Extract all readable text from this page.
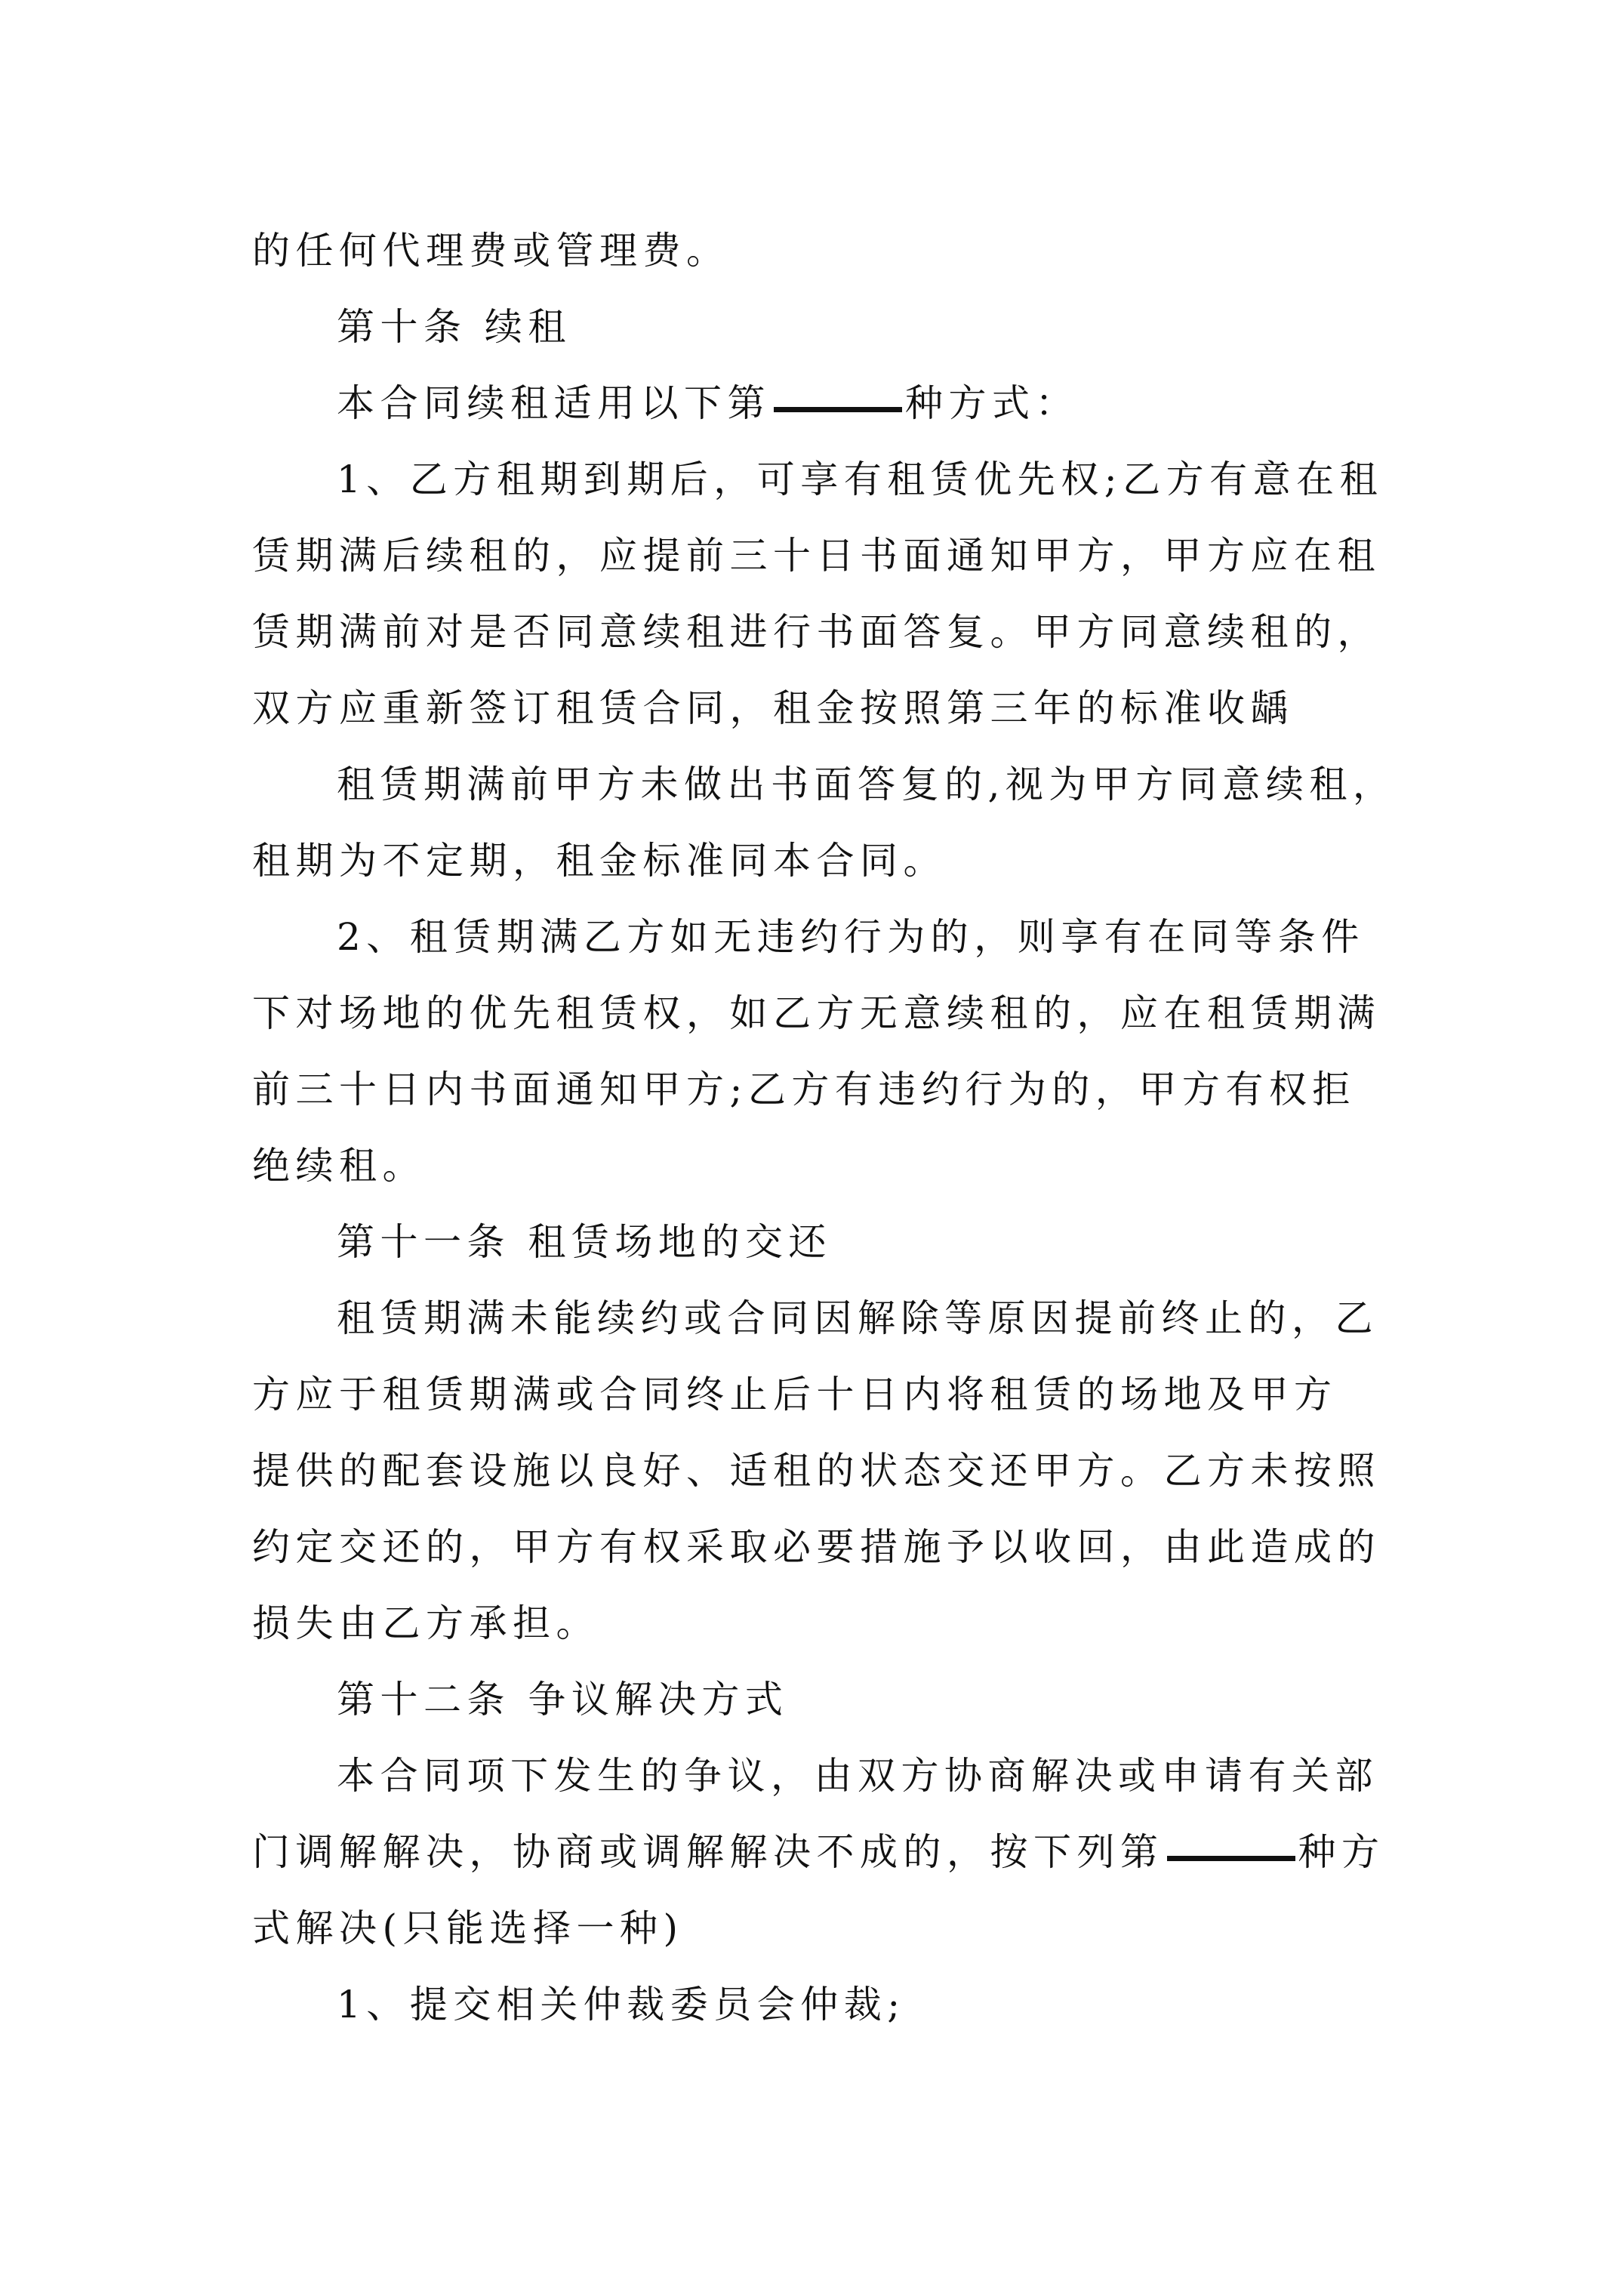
的任何代理费或管理费。

第十条 续租

本合同续租适用以下第	种方式：

1、乙方租期到期后，可享有租赁优先权;乙方有意在租

赁期满后续租的，应提前三十日书面通知甲方，甲方应在租

赁期满前对是否同意续租进行书面答复。甲方同意续租的，

双方应重新签订租赁合同，租金按照第三年的标准收龋

租赁期满前甲方未做出书面答复的,视为甲方同意续租，

租期为不定期，租金标准同本合同。

2、租赁期满乙方如无违约行为的，则享有在同等条件

下对场地的优先租赁权，如乙方无意续租的，应在租赁期满

前三十日内书面通知甲方;乙方有违约行为的，甲方有权拒

绝续租。

第十一条 租赁场地的交还

租赁期满未能续约或合同因解除等原因提前终止的，乙

方应于租赁期满或合同终止后十日内将租赁的场地及甲方

提供的配套设施以良好、适租的状态交还甲方。乙方未按照

约定交还的，甲方有权采取必要措施予以收回，由此造成的

损失由乙方承担。

第十二条 争议解决方式

本合同项下发生的争议，由双方协商解决或申请有关部

门调解解决，协商或调解解决不成的，按下列第	种方

式解决(只能选择一种)

1、提交相关仲裁委员会仲裁;
